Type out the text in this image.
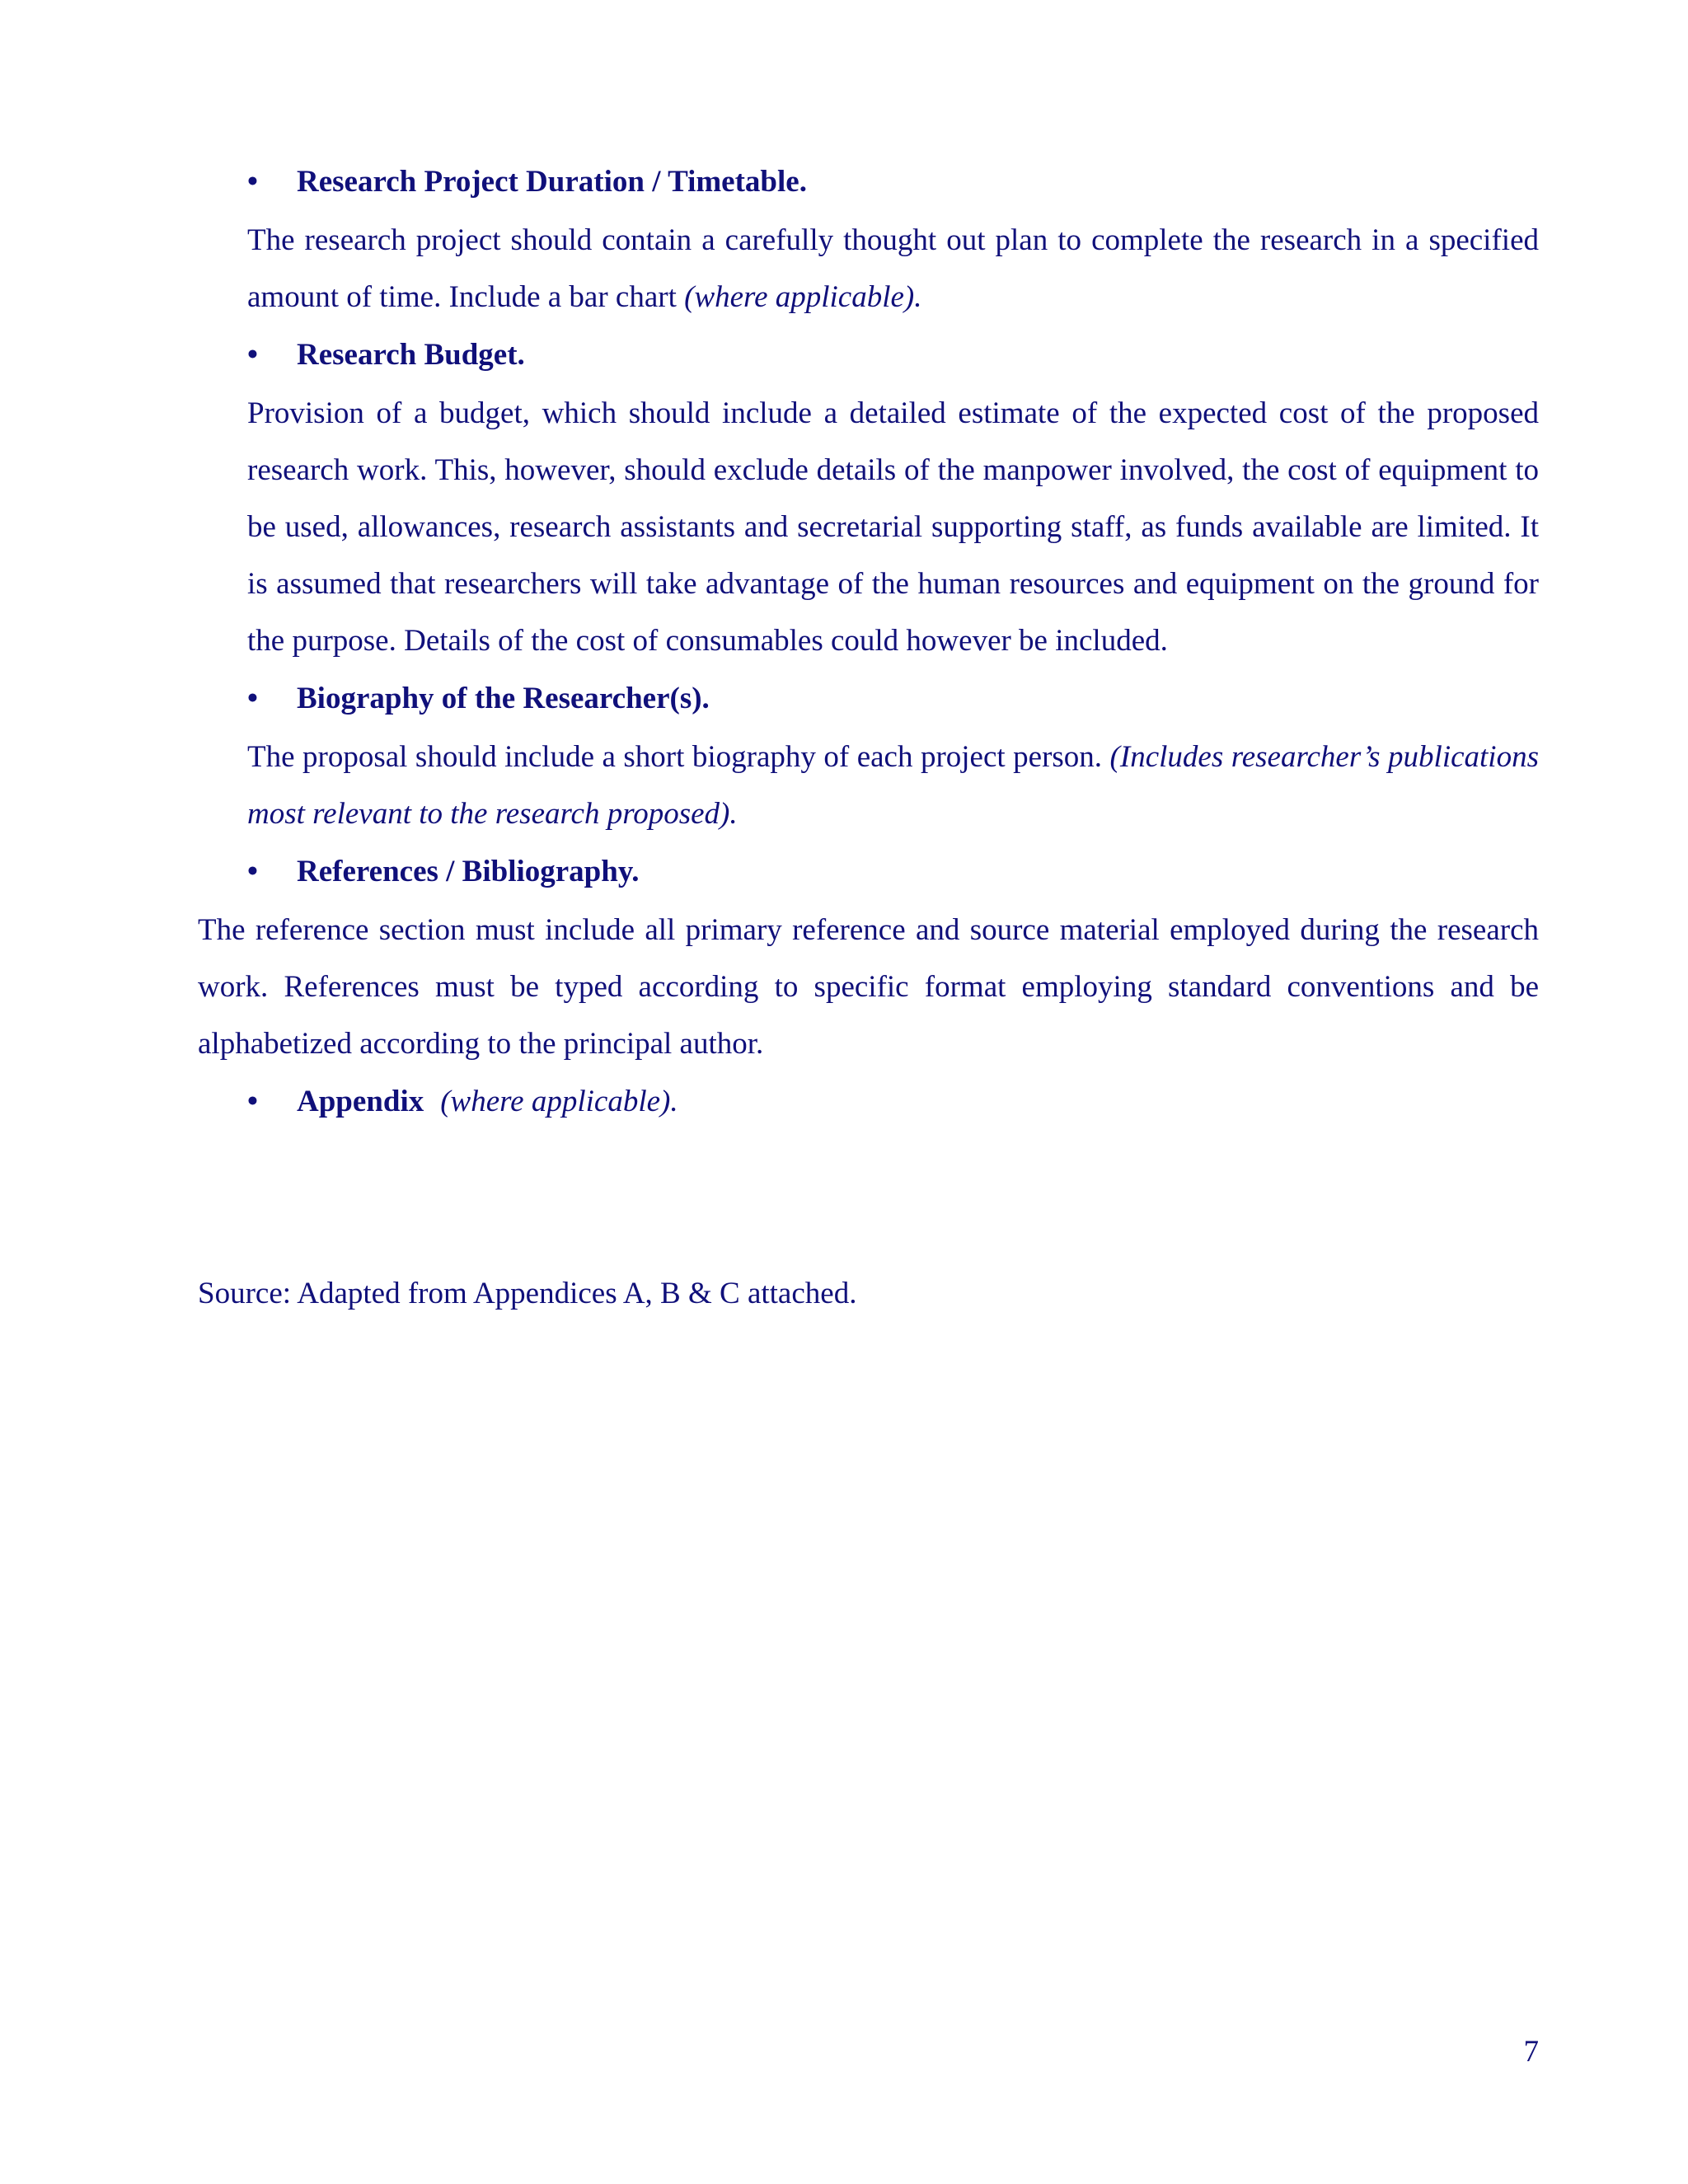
• Research Project Duration / Timetable.

The research project should contain a carefully thought out plan to complete the research in a specified amount of time. Include a bar chart (where applicable).

• Research Budget.

Provision of a budget, which should include a detailed estimate of the expected cost of the proposed research work. This, however, should exclude details of the manpower involved, the cost of equipment to be used, allowances, research assistants and secretarial supporting staff, as funds available are limited. It is assumed that researchers will take advantage of the human resources and equipment on the ground for the purpose. Details of the cost of consumables could however be included.

• Biography of the Researcher(s).

The proposal should include a short biography of each project person. (Includes researcher’s publications most relevant to the research proposed).

• References / Bibliography.

The reference section must include all primary reference and source material employed during the research work. References must be typed according to specific format employing standard conventions and be alphabetized according to the principal author.

• Appendix (where applicable).
Source: Adapted from Appendices A, B & C attached.
7
